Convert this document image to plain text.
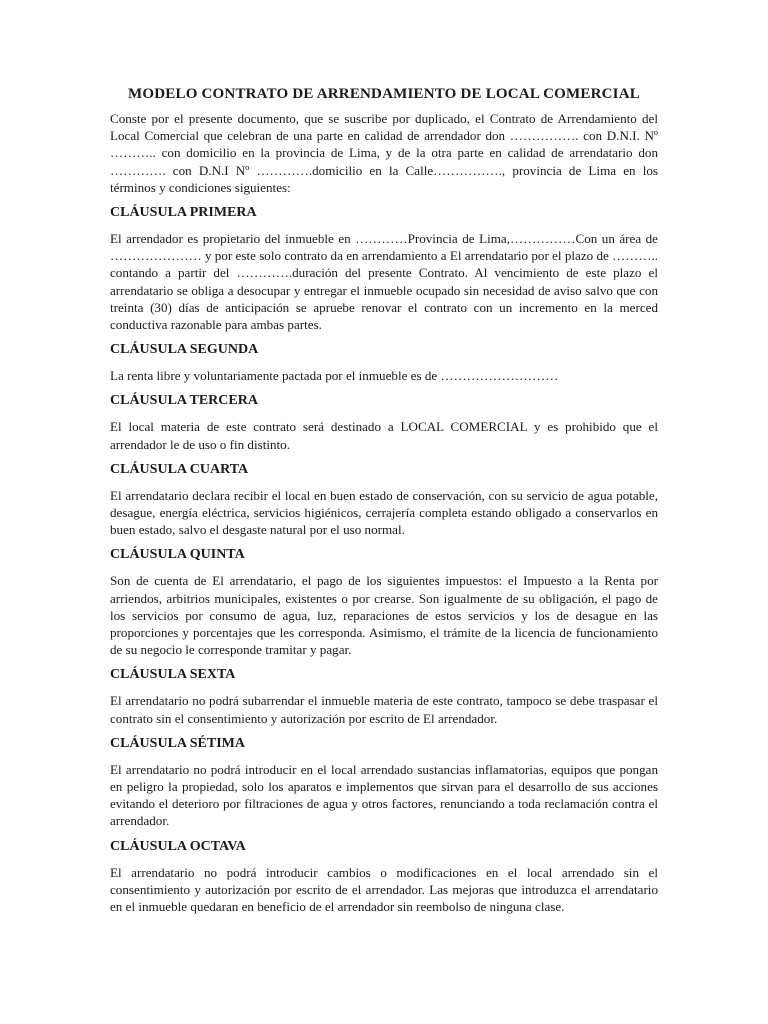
MODELO CONTRATO DE ARRENDAMIENTO DE LOCAL COMERCIAL

Conste por el presente documento, que se suscribe por duplicado, el Contrato de Arrendamiento del Local Comercial que celebran de una parte en calidad de arrendador don ……………. con D.N.I. Nº ……….. con domicilio en la provincia de Lima, y de la otra parte en calidad de arrendatario don …………. con D.N.I Nº ………….domicilio en la Calle……………., provincia de Lima en los términos y condiciones siguientes:

CLÁUSULA PRIMERA

El arrendador es propietario del inmueble en …………Provincia de Lima,……………Con un área de ………………… y por este solo contrato da en arrendamiento a El arrendatario por el plazo de ……….. contando a partir del ………….duración del presente Contrato. Al vencimiento de este plazo el arrendatario se obliga a desocupar y entregar el inmueble ocupado sin necesidad de aviso salvo que con treinta (30) días de anticipación se apruebe renovar el contrato con un incremento en la merced conductiva razonable para ambas partes.

CLÁUSULA SEGUNDA

La renta libre y voluntariamente pactada por el inmueble es de ………………………

CLÁUSULA TERCERA

El local materia de este contrato será destinado a LOCAL COMERCIAL y es prohibido que el arrendador le de uso o fin distinto.

CLÁUSULA CUARTA

El arrendatario declara recibir el local en buen estado de conservación, con su servicio de agua potable, desague, energía eléctrica, servicios higiénicos, cerrajería completa estando obligado a conservarlos en buen estado, salvo el desgaste natural por el uso normal.

CLÁUSULA QUINTA

Son de cuenta de El arrendatario, el pago de los siguientes impuestos: el Impuesto a la Renta por arriendos, arbitrios municipales, existentes o por crearse. Son igualmente de su obligación, el pago de los servicios por consumo de agua, luz, reparaciones de estos servicios y los de desague en las proporciones y porcentajes que les corresponda. Asimismo, el trámite de la licencia de funcionamiento de su negocio le corresponde tramitar y pagar.

CLÁUSULA SEXTA

El arrendatario no podrá subarrendar el inmueble materia de este contrato, tampoco se debe traspasar el contrato sin el consentimiento y autorización por escrito de El arrendador.

CLÁUSULA SÉTIMA

El arrendatario no podrá introducir en el local arrendado sustancias inflamatorias, equipos que pongan en peligro la propiedad, solo los aparatos e implementos que sirvan para el desarrollo de sus acciones evitando el deterioro por filtraciones de agua y otros factores, renunciando a toda reclamación contra el arrendador.

CLÁUSULA OCTAVA

El arrendatario no podrá introducir cambios o modificaciones en el local arrendado sin el consentimiento y autorización por escrito de el arrendador. Las mejoras que introduzca el arrendatario en el inmueble quedaran en beneficio de el arrendador sin reembolso de ninguna clase.
